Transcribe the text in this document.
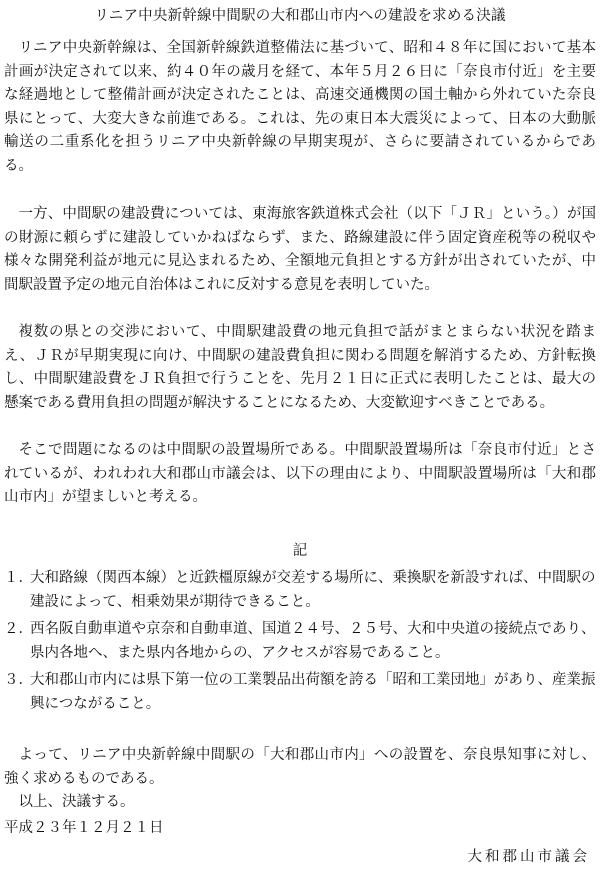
リニア中央新幹線中間駅の大和郡山市内への建設を求める決議
リニア中央新幹線は、全国新幹線鉄道整備法に基づいて、昭和４８年に国において基本計画が決定されて以来、約４０年の歳月を経て、本年５月２６日に「奈良市付近」を主要な経過地として整備計画が決定されたことは、高速交通機関の国土軸から外れていた奈良県にとって、大変大きな前進である。これは、先の東日本大震災によって、日本の大動脈輸送の二重系化を担うリニア中央新幹線の早期実現が、さらに要請されているからである。
一方、中間駅の建設費については、東海旅客鉄道株式会社（以下「ＪＲ」という。）が国の財源に頼らずに建設していかねばならず、また、路線建設に伴う固定資産税等の税収や様々な開発利益が地元に見込まれるため、全額地元負担とする方針が出されていたが、中間駅設置予定の地元自治体はこれに反対する意見を表明していた。
複数の県との交渉において、中間駅建設費の地元負担で話がまとまらない状況を踏まえ、ＪＲが早期実現に向け、中間駅の建設費負担に関わる問題を解消するため、方針転換し、中間駅建設費をＪＲ負担で行うことを、先月２１日に正式に表明したことは、最大の懸案である費用負担の問題が解決することになるため、大変歓迎すべきことである。
そこで問題になるのは中間駅の設置場所である。中間駅設置場所は「奈良市付近」とされているが、われわれ大和郡山市議会は、以下の理由により、中間駅設置場所は「大和郡山市内」が望ましいと考える。
記
１．
大和路線（関西本線）と近鉄橿原線が交差する場所に、乗換駅を新設すれば、中間駅の建設によって、相乗効果が期待できること。
２．
西名阪自動車道や京奈和自動車道、国道２４号、２５号、大和中央道の接続点であり、県内各地へ、また県内各地からの、アクセスが容易であること。
３．
大和郡山市内には県下第一位の工業製品出荷額を誇る「昭和工業団地」があり、産業振興につながること。
よって、リニア中央新幹線中間駅の「大和郡山市内」への設置を、奈良県知事に対し、強く求めるものである。
以上、決議する。
平成２３年１２月２１日
大和郡山市議会
